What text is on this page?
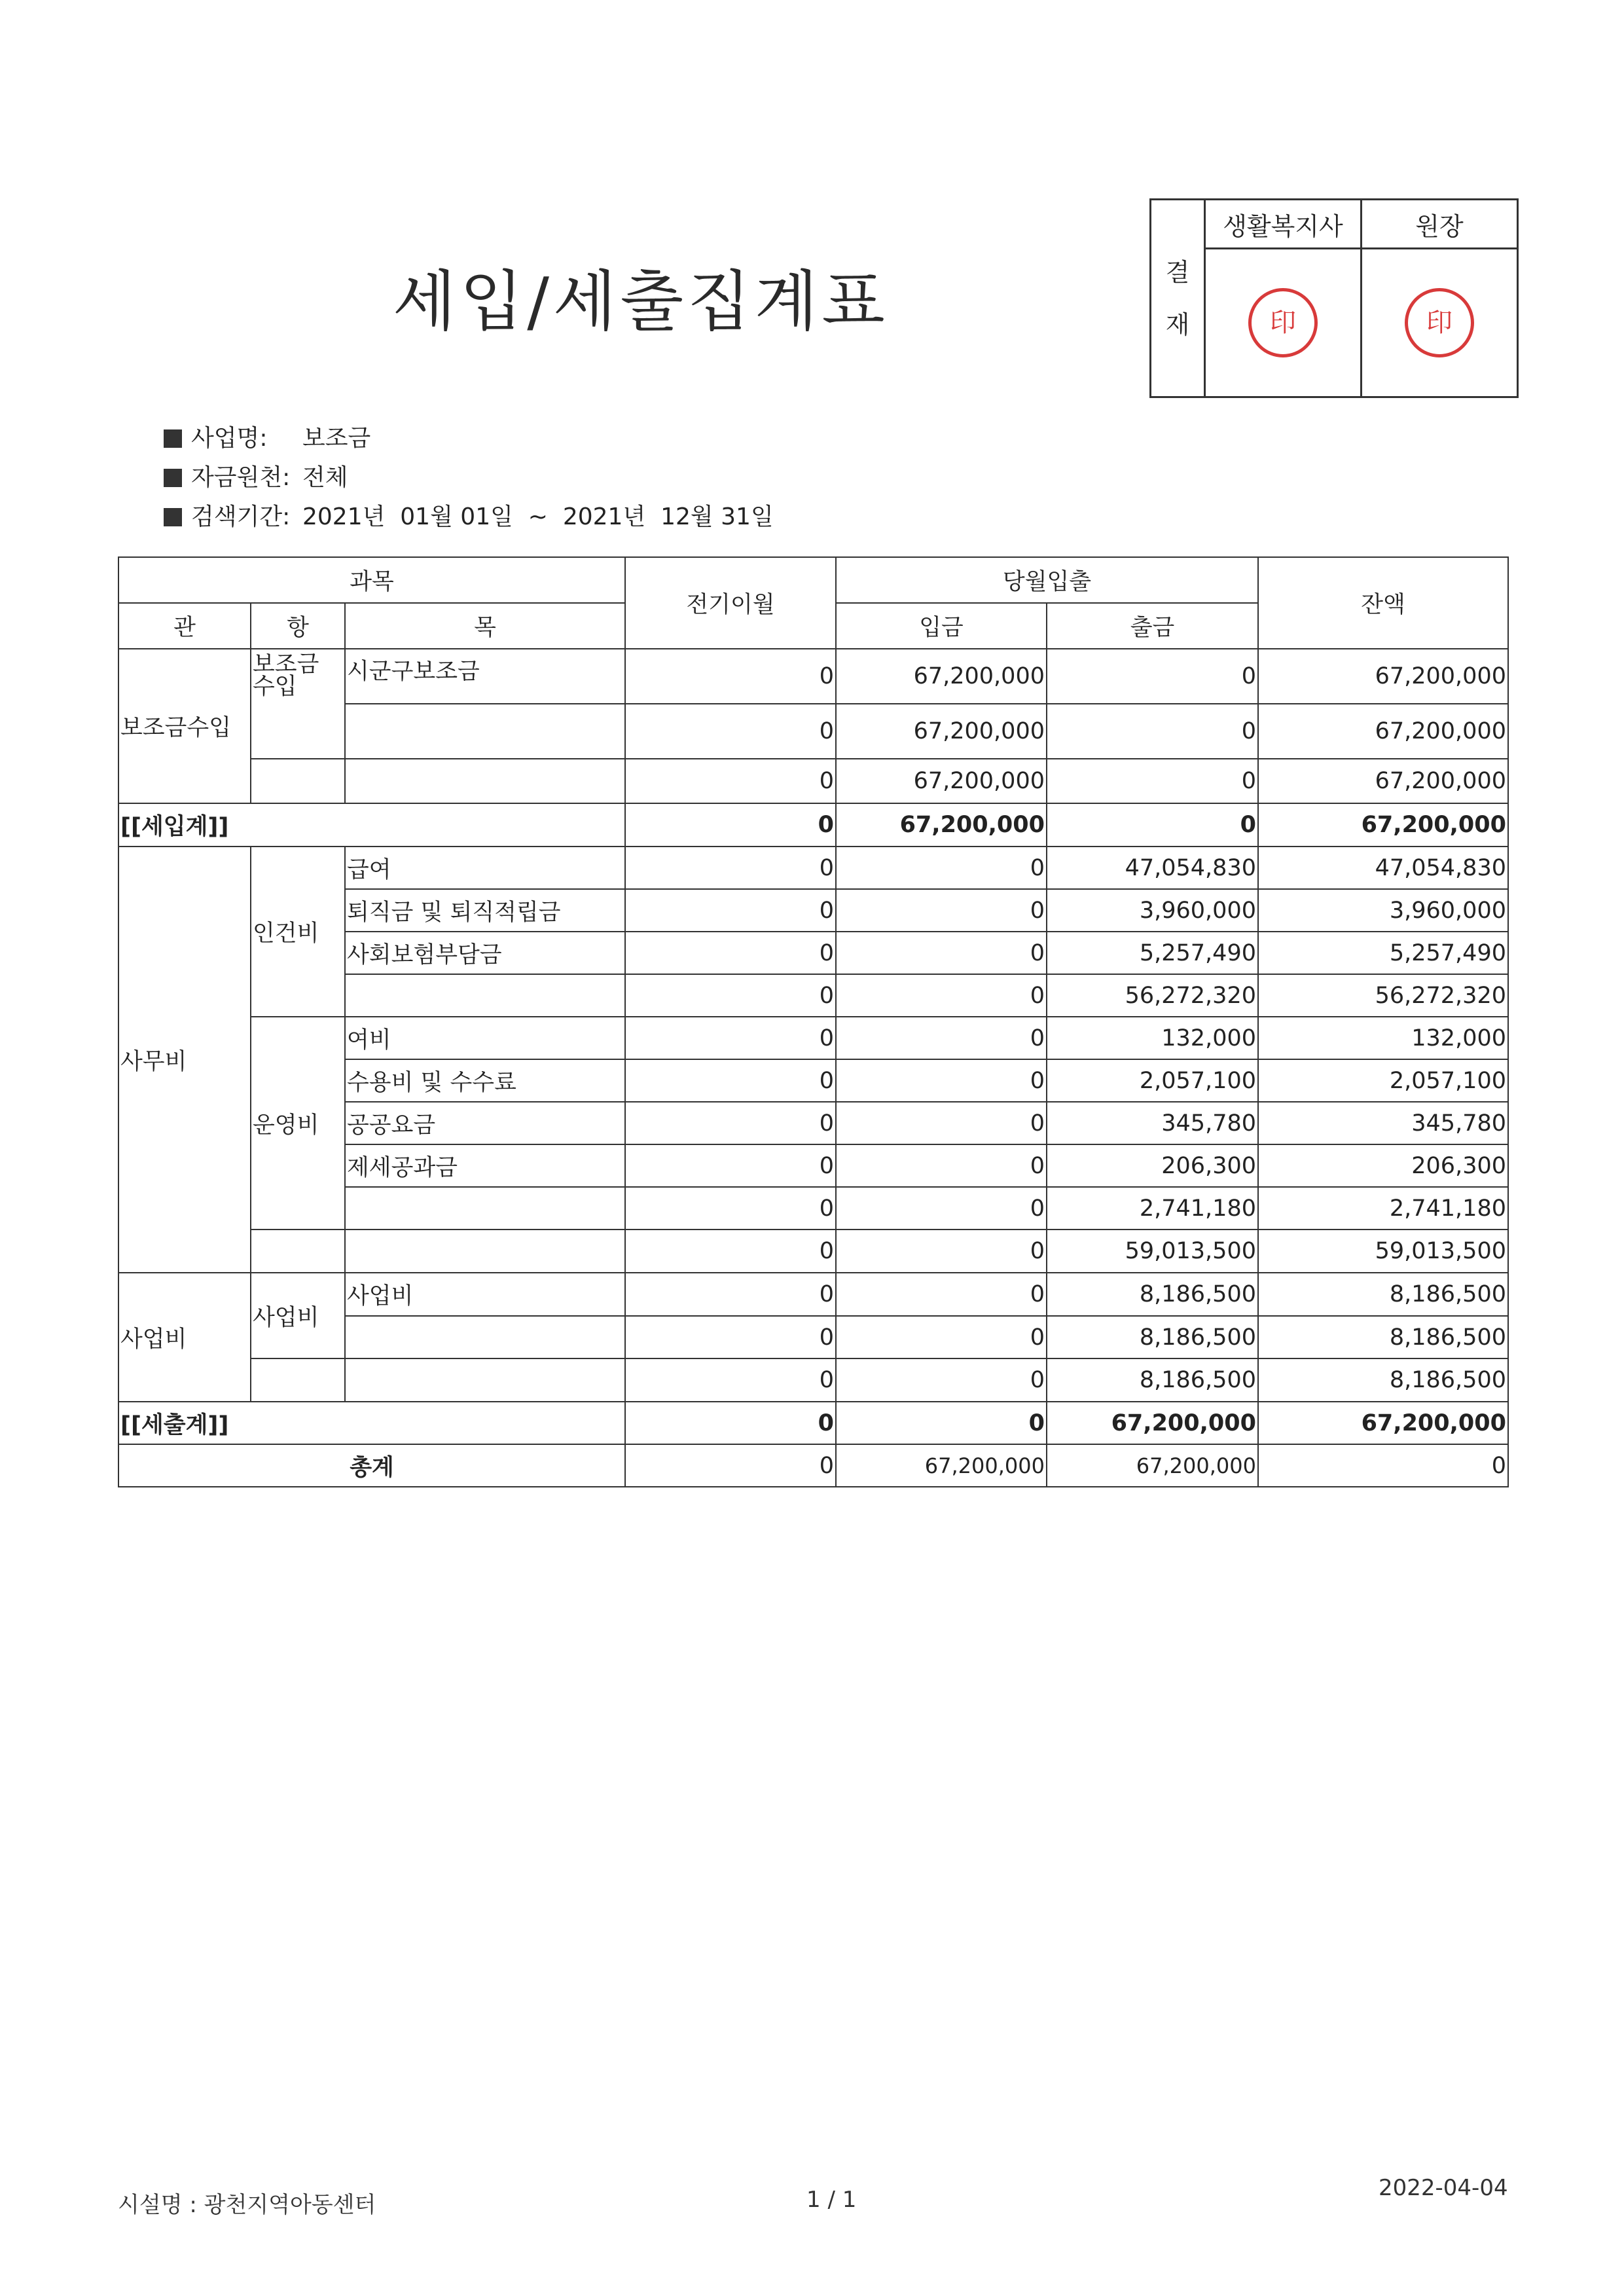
세입/세출집계표	결
재	생활복지사	원장
	印	印
사업명: 보조금
자금원천: 전체
검색기간: 2021년  01월 01일  ~  2021년  12월 31일
과목			전기이월	당월입출		잔액
관	항	목		입금	출금	
보조금수입	보조금 수입	시군구보조금	0	67,200,000	0	67,200,000
			0	67,200,000	0	67,200,000
			0	67,200,000	0	67,200,000
[[세입계]]			0	67,200,000	0	67,200,000
사무비	인건비	급여	0	0	47,054,830	47,054,830
		퇴직금 및 퇴직적립금	0	0	3,960,000	3,960,000
		사회보험부담금	0	0	5,257,490	5,257,490
			0	0	56,272,320	56,272,320
	운영비	여비	0	0	132,000	132,000
		수용비 및 수수료	0	0	2,057,100	2,057,100
		공공요금	0	0	345,780	345,780
		제세공과금	0	0	206,300	206,300
			0	0	2,741,180	2,741,180
			0	0	59,013,500	59,013,500
사업비	사업비	사업비	0	0	8,186,500	8,186,500
			0	0	8,186,500	8,186,500
			0	0	8,186,500	8,186,500
[[세출계]]			0	0	67,200,000	67,200,000
총계			0	67,200,000	67,200,000	0
시설명 : 광천지역아동센터	1 / 1	2022-04-04
